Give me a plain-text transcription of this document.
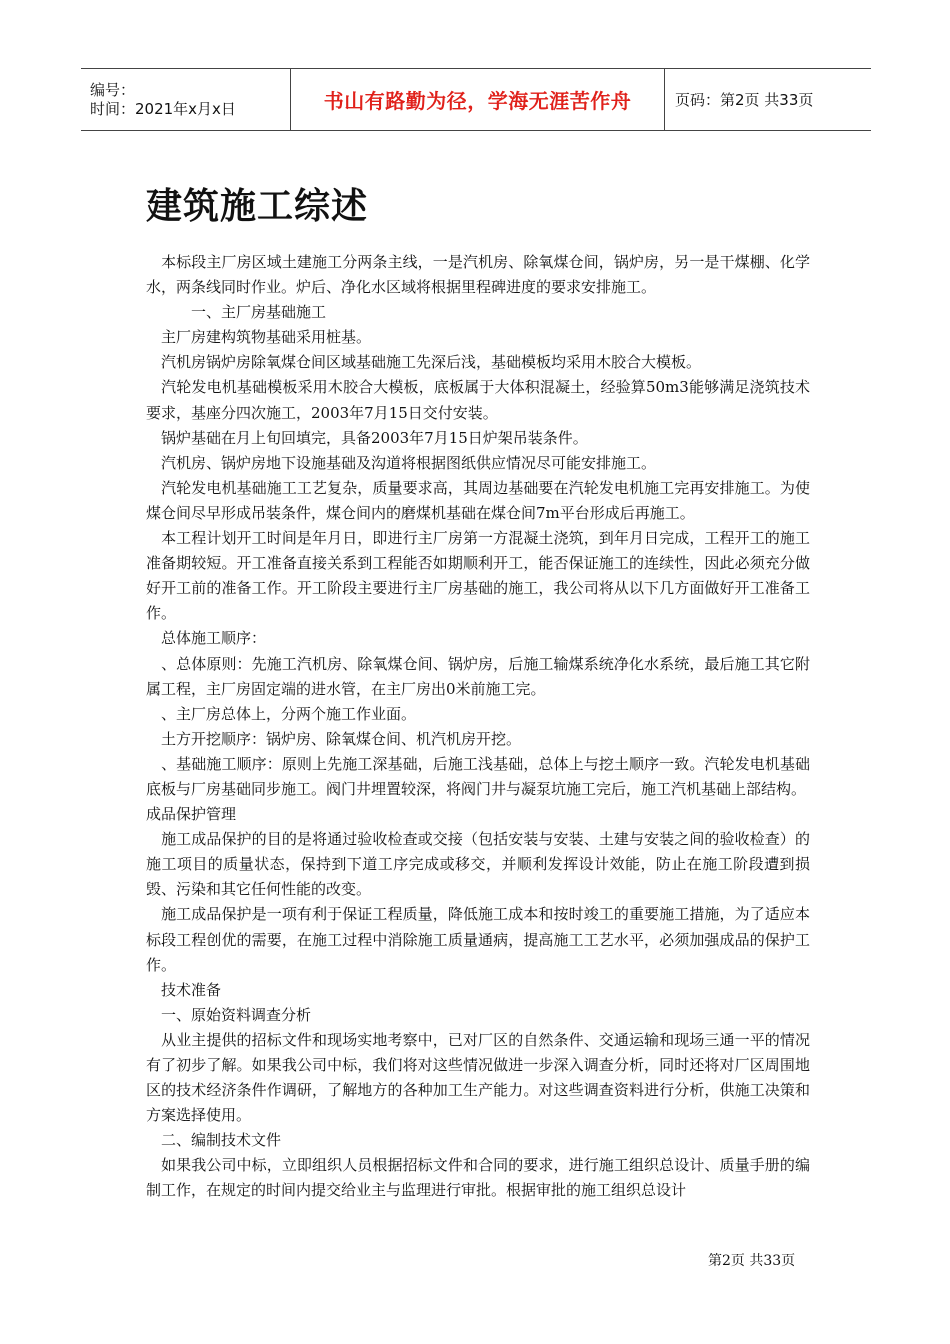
编号：
时间：2021年x月x日	书山有路勤为径，学海无涯苦作舟	页码：第2页 共33页
建筑施工综述

　本标段主厂房区域土建施工分两条主线，一是汽机房、除氧煤仓间，锅炉房，另一是干煤棚、化学水，两条线同时作业。炉后、净化水区域将根据里程碑进度的要求安排施工。

　　　一、主厂房基础施工

　主厂房建构筑物基础采用桩基。

　汽机房锅炉房除氧煤仓间区域基础施工先深后浅，基础模板均采用木胶合大模板。

　汽轮发电机基础模板采用木胶合大模板，底板属于大体积混凝土，经验算50m3能够满足浇筑技术要求，基座分四次施工，2003年7月15日交付安装。

　锅炉基础在月上旬回填完，具备2003年7月15日炉架吊装条件。

　汽机房、锅炉房地下设施基础及沟道将根据图纸供应情况尽可能安排施工。

　汽轮发电机基础施工工艺复杂，质量要求高，其周边基础要在汽轮发电机施工完再安排施工。为使煤仓间尽早形成吊装条件，煤仓间内的磨煤机基础在煤仓间7m平台形成后再施工。

　本工程计划开工时间是年月日，即进行主厂房第一方混凝土浇筑，到年月日完成，工程开工的施工准备期较短。开工准备直接关系到工程能否如期顺利开工，能否保证施工的连续性，因此必须充分做好开工前的准备工作。开工阶段主要进行主厂房基础的施工，我公司将从以下几方面做好开工准备工作。

　总体施工顺序：

　、总体原则：先施工汽机房、除氧煤仓间、锅炉房，后施工输煤系统净化水系统，最后施工其它附属工程，主厂房固定端的进水管，在主厂房出0米前施工完。

　、主厂房总体上，分两个施工作业面。

　土方开挖顺序：锅炉房、除氧煤仓间、机汽机房开挖。

　、基础施工顺序：原则上先施工深基础，后施工浅基础，总体上与挖土顺序一致。汽轮发电机基础底板与厂房基础同步施工。阀门井埋置较深，将阀门井与凝泵坑施工完后，施工汽机基础上部结构。

成品保护管理

　施工成品保护的目的是将通过验收检查或交接（包括安装与安装、土建与安装之间的验收检查）的施工项目的质量状态，保持到下道工序完成或移交，并顺利发挥设计效能，防止在施工阶段遭到损毁、污染和其它任何性能的改变。

　施工成品保护是一项有利于保证工程质量，降低施工成本和按时竣工的重要施工措施，为了适应本标段工程创优的需要，在施工过程中消除施工质量通病，提高施工工艺水平，必须加强成品的保护工作。

　技术准备

　一、原始资料调查分析

　从业主提供的招标文件和现场实地考察中，已对厂区的自然条件、交通运输和现场三通一平的情况有了初步了解。如果我公司中标，我们将对这些情况做进一步深入调查分析，同时还将对厂区周围地区的技术经济条件作调研，了解地方的各种加工生产能力。对这些调查资料进行分析，供施工决策和方案选择使用。

　二、编制技术文件

　如果我公司中标，立即组织人员根据招标文件和合同的要求，进行施工组织总设计、质量手册的编制工作，在规定的时间内提交给业主与监理进行审批。根据审批的施工组织总设计

第2页 共33页
